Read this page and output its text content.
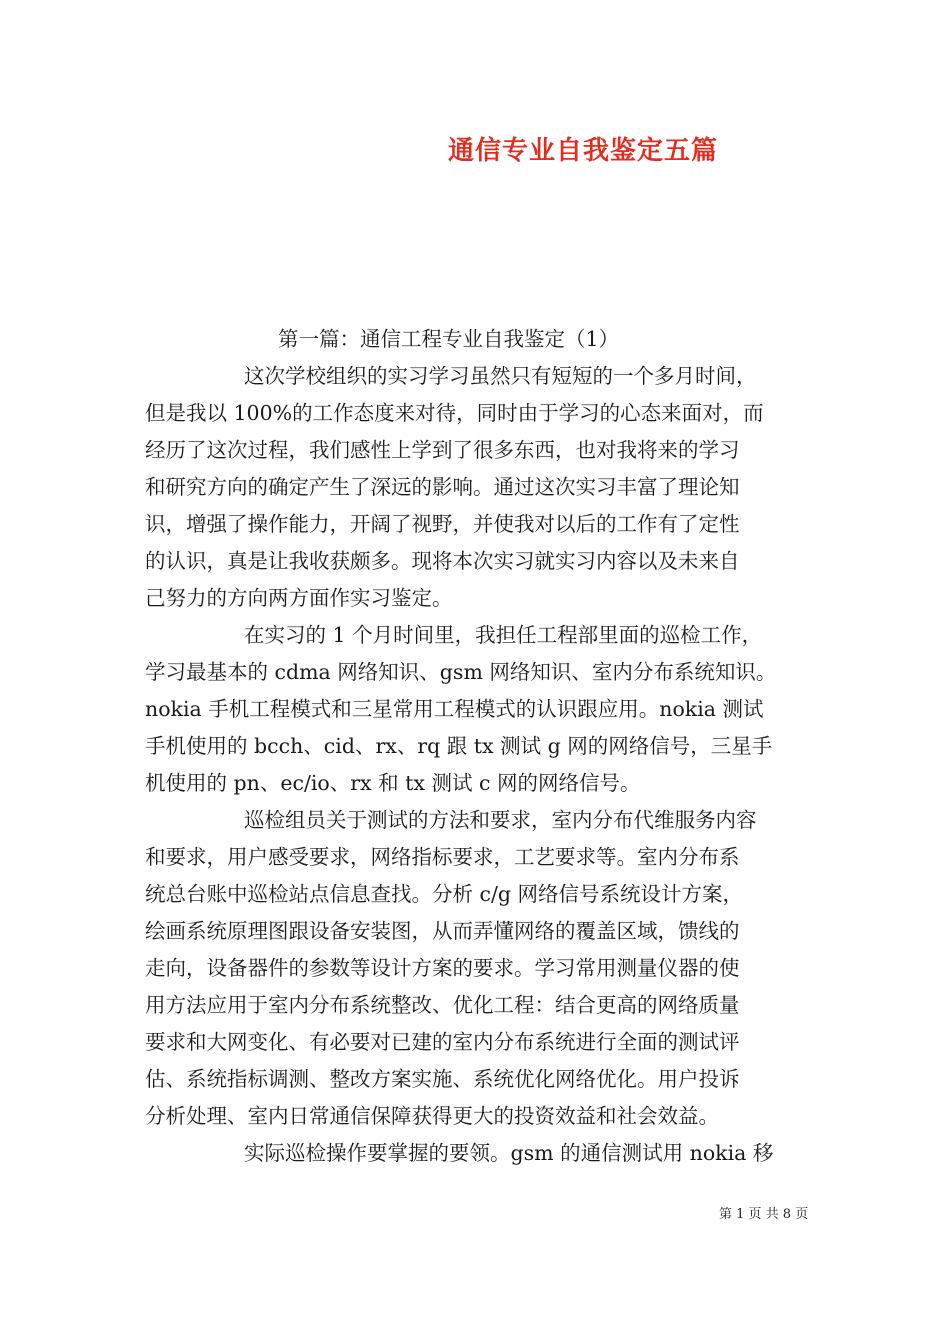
通信专业自我鉴定五篇
第一篇：通信工程专业自我鉴定（1）
这次学校组织的实习学习虽然只有短短的一个多月时间，
但是我以 100%的工作态度来对待，同时由于学习的心态来面对，而
经历了这次过程，我们感性上学到了很多东西，也对我将来的学习
和研究方向的确定产生了深远的影响。通过这次实习丰富了理论知
识，增强了操作能力，开阔了视野，并使我对以后的工作有了定性
的认识，真是让我收获颇多。现将本次实习就实习内容以及未来自
己努力的方向两方面作实习鉴定。
在实习的 1 个月时间里，我担任工程部里面的巡检工作，
学习最基本的 cdma 网络知识、gsm 网络知识、室内分布系统知识。
nokia 手机工程模式和三星常用工程模式的认识跟应用。nokia 测试
手机使用的 bcch、cid、rx、rq 跟 tx 测试 g 网的网络信号，三星手
机使用的 pn、ec/io、rx 和 tx 测试 c 网的网络信号。
巡检组员关于测试的方法和要求，室内分布代维服务内容
和要求，用户感受要求，网络指标要求，工艺要求等。室内分布系
统总台账中巡检站点信息查找。分析 c/g 网络信号系统设计方案，
绘画系统原理图跟设备安装图，从而弄懂网络的覆盖区域，馈线的
走向，设备器件的参数等设计方案的要求。学习常用测量仪器的使
用方法应用于室内分布系统整改、优化工程：结合更高的网络质量
要求和大网变化、有必要对已建的室内分布系统进行全面的测试评
估、系统指标调测、整改方案实施、系统优化网络优化。用户投诉
分析处理、室内日常通信保障获得更大的投资效益和社会效益。
实际巡检操作要掌握的要领。gsm 的通信测试用 nokia 移
第 1 页 共 8 页
